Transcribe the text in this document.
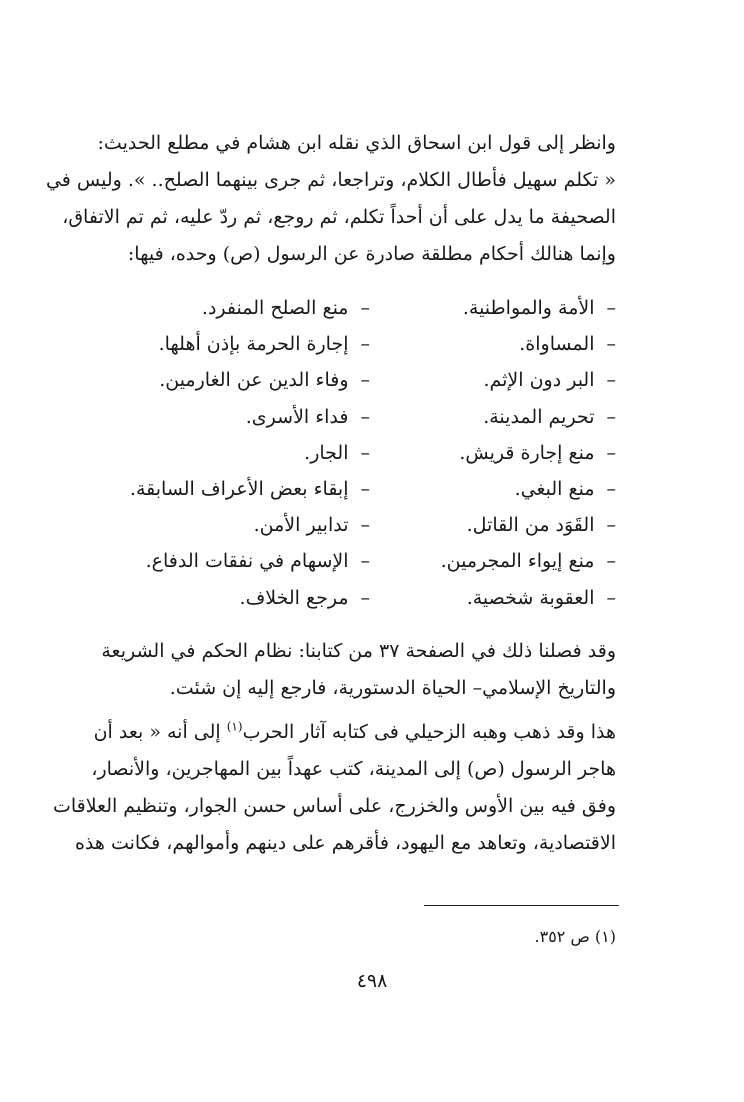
وانظر إلى قول ابن اسحاق الذي نقله ابن هشام في مطلع الحديث:
« تكلم سهيل فأطال الكلام، وتراجعا، ثم جرى بينهما الصلح.. ». وليس في
الصحيفة ما يدل على أن أحداً تكلم، ثم روجع، ثم ردّ عليه، ثم تم الاتفاق،
وإنما هنالك أحكام مطلقة صادرة عن الرسول (ص) وحده، فيها:
–الأمة والمواطنية.
–المساواة.
–البر دون الإثم.
–تحريم المدينة.
–منع إجارة قريش.
–منع البغي.
–القَوَد من القاتل.
–منع إيواء المجرمين.
–العقوبة شخصية.
–منع الصلح المنفرد.
–إجارة الحرمة بإذن أهلها.
–وفاء الدين عن الغارمين.
–فداء الأسرى.
–الجار.
–إبقاء بعض الأعراف السابقة.
–تدابير الأمن.
–الإسهام في نفقات الدفاع.
–مرجع الخلاف.
وقد فصلنا ذلك في الصفحة ٣٧ من كتابنا: نظام الحكم في الشريعة
والتاريخ الإسلامي– الحياة الدستورية، فارجع إليه إن شئت.
هذا وقد ذهب وهبه الزحيلي فى كتابه آثار الحرب$^{(١)}$ إلى أنه « بعد أن
هاجر الرسول (ص) إلى المدينة، كتب عهداً بين المهاجرين، والأنصار،
وفق فيه بين الأوس والخزرج، على أساس حسن الجوار، وتنظيم العلاقات
الاقتصادية، وتعاهد مع اليهود، فأقرهم على دينهم وأموالهم، فكانت هذه
(١) ص ٣٥٢.
٤٩٨
